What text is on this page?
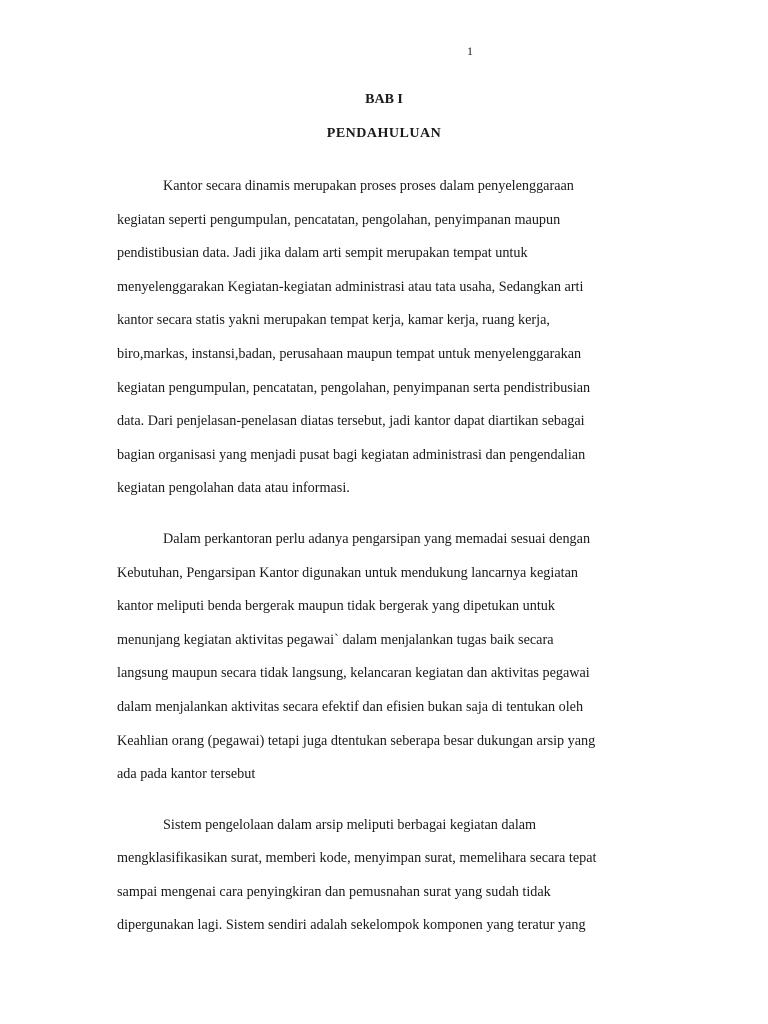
1
BAB I
PENDAHULUAN
Kantor secara dinamis merupakan proses proses dalam penyelenggaraan
kegiatan seperti pengumpulan, pencatatan, pengolahan, penyimpanan maupun
pendistibusian data. Jadi jika dalam arti sempit merupakan tempat untuk
menyelenggarakan Kegiatan-kegiatan administrasi atau tata usaha, Sedangkan arti
kantor secara statis yakni merupakan tempat kerja, kamar kerja, ruang kerja,
biro,markas, instansi,badan, perusahaan maupun tempat untuk menyelenggarakan
kegiatan pengumpulan, pencatatan, pengolahan, penyimpanan serta pendistribusian
data. Dari penjelasan-penelasan diatas tersebut, jadi kantor dapat diartikan sebagai
bagian organisasi yang menjadi pusat bagi kegiatan administrasi dan pengendalian
kegiatan pengolahan data atau informasi.
Dalam perkantoran perlu adanya pengarsipan yang memadai sesuai dengan
Kebutuhan, Pengarsipan Kantor digunakan untuk mendukung lancarnya kegiatan
kantor meliputi benda bergerak maupun tidak bergerak yang dipetukan untuk
menunjang kegiatan aktivitas pegawai` dalam menjalankan tugas baik secara
langsung maupun secara tidak langsung, kelancaran kegiatan dan aktivitas pegawai
dalam menjalankan aktivitas secara efektif dan efisien bukan saja di tentukan oleh
Keahlian orang (pegawai) tetapi juga dtentukan seberapa besar dukungan arsip yang
ada pada kantor tersebut
Sistem pengelolaan dalam arsip meliputi berbagai kegiatan dalam
mengklasifikasikan surat, memberi kode, menyimpan surat, memelihara secara tepat
sampai mengenai cara penyingkiran dan pemusnahan surat yang sudah tidak
dipergunakan lagi. Sistem sendiri adalah sekelompok komponen yang teratur yang
